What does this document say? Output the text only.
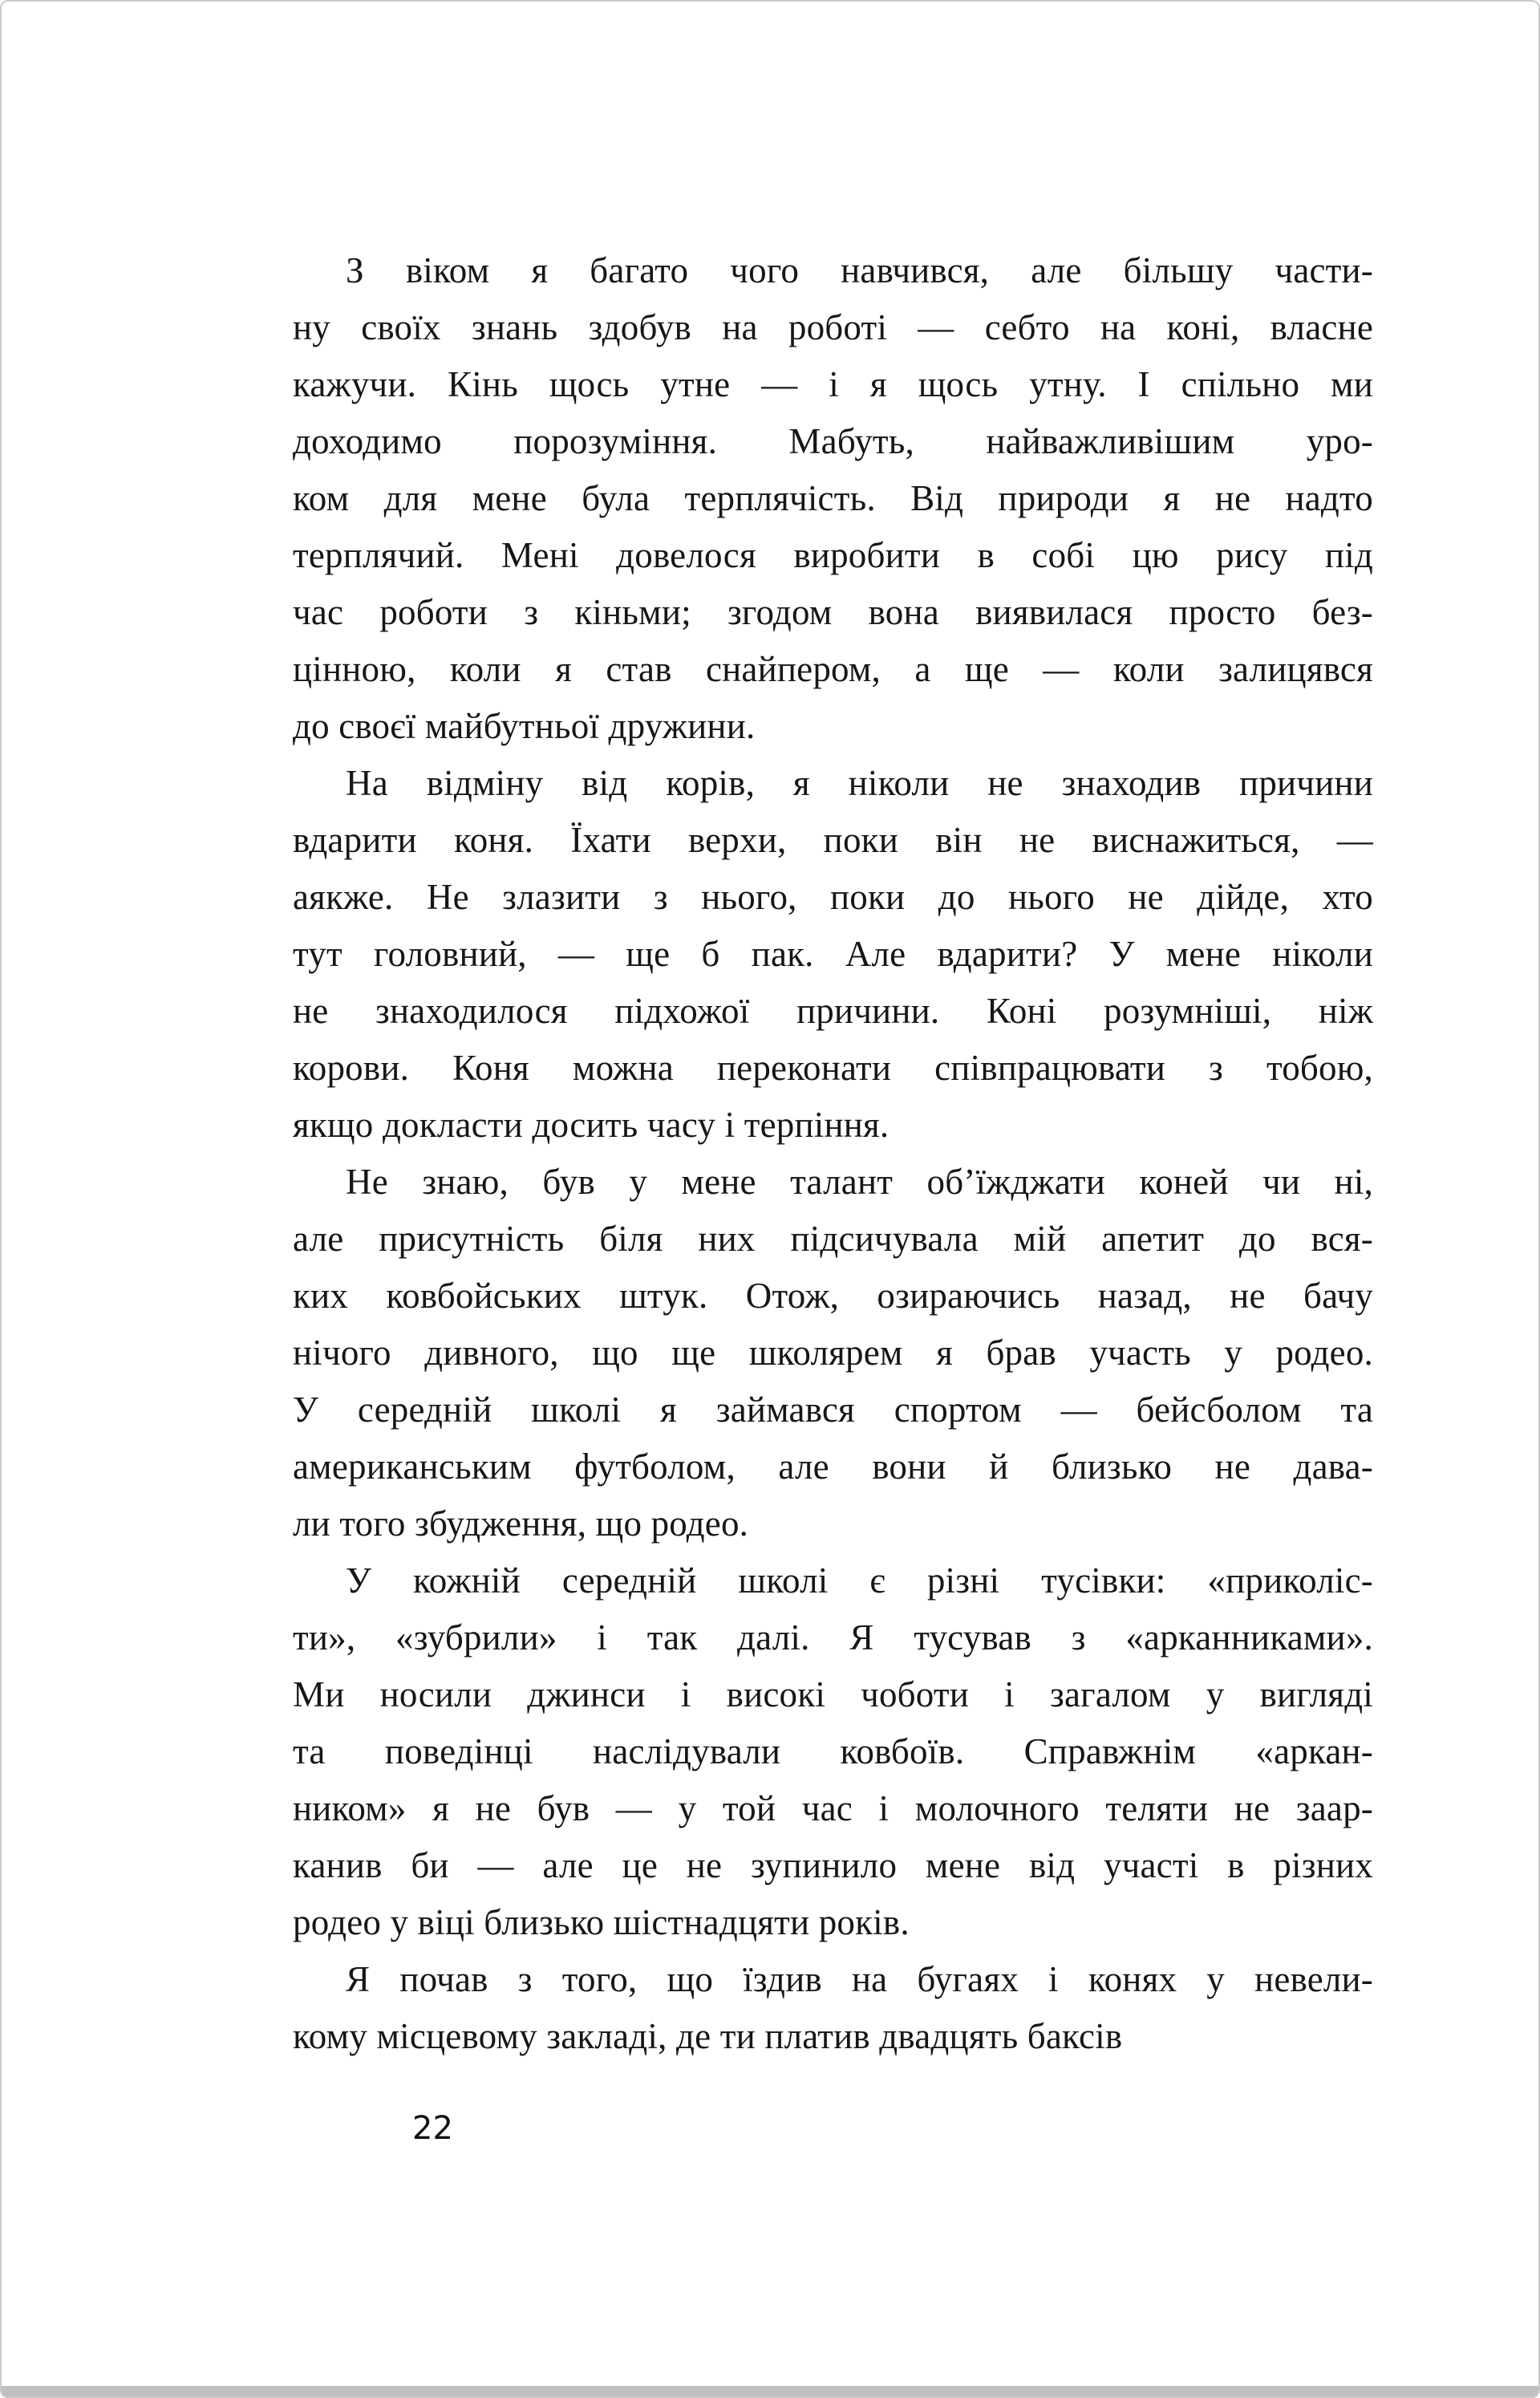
З віком я багато чого навчився, але більшу части-
ну своїх знань здобув на роботі — себто на коні, власне
кажучи. Кінь щось утне — і я щось утну. І спільно ми
доходимо порозуміння. Мабуть, найважливішим уро-
ком для мене була терплячість. Від природи я не надто
терплячий. Мені довелося виробити в собі цю рису під
час роботи з кіньми; згодом вона виявилася просто без-
цінною, коли я став снайпером, а ще — коли залицявся
до своєї майбутньої дружини.
На відміну від корів, я ніколи не знаходив причини
вдарити коня. Їхати верхи, поки він не виснажиться, —
аякже. Не злазити з нього, поки до нього не дійде, хто
тут головний, — ще б пак. Але вдарити? У мене ніколи
не знаходилося підхожої причини. Коні розумніші, ніж
корови. Коня можна переконати співпрацювати з тобою,
якщо докласти досить часу і терпіння.
Не знаю, був у мене талант об’їжджати коней чи ні,
але присутність біля них підсичувала мій апетит до вся-
ких ковбойських штук. Отож, озираючись назад, не бачу
нічого дивного, що ще школярем я брав участь у родео.
У середній школі я займався спортом — бейсболом та
американським футболом, але вони й близько не дава-
ли того збудження, що родео.
У кожній середній школі є різні тусівки: «приколіс-
ти», «зубрили» і так далі. Я тусував з «арканниками».
Ми носили джинси і високі чоботи і загалом у вигляді
та поведінці наслідували ковбоїв. Справжнім «аркан-
ником» я не був — у той час і молочного теляти не заар-
канив би — але це не зупинило мене від участі в різних
родео у віці близько шістнадцяти років.
Я почав з того, що їздив на бугаях і конях у невели-
кому місцевому закладі, де ти платив двадцять баксів
22
